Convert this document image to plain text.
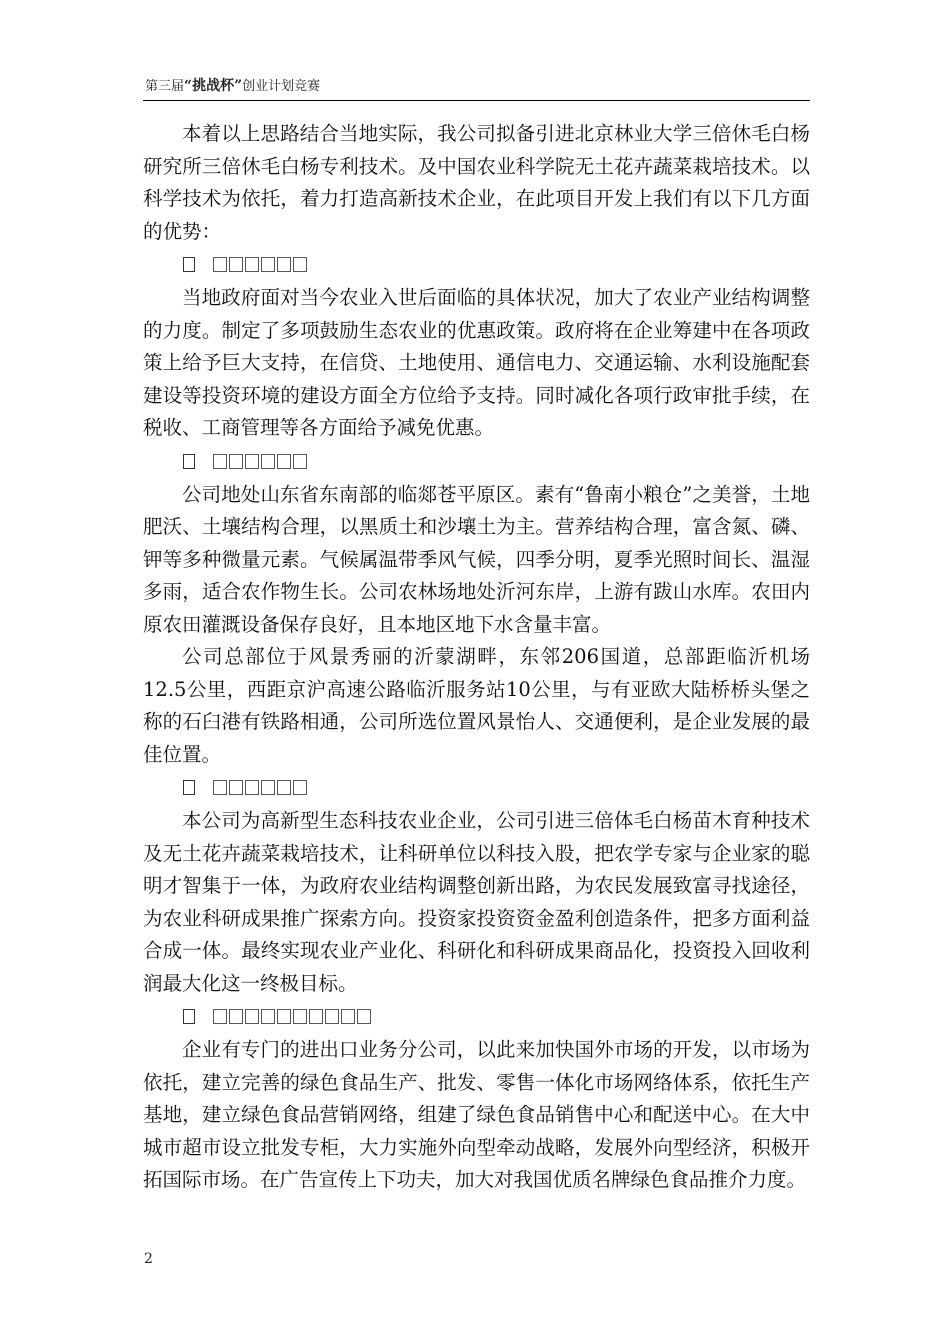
第三届“挑战杯”创业计划竞赛

本着以上思路结合当地实际，我公司拟备引进北京林业大学三倍休毛白杨研究所三倍休毛白杨专利技术。及中国农业科学院无土花卉蔬菜栽培技术。以科学技术为依托，着力打造高新技术企业，在此项目开发上我们有以下几方面的优势：

当地政府面对当今农业入世后面临的具体状况，加大了农业产业结构调整的力度。制定了多项鼓励生态农业的优惠政策。政府将在企业筹建中在各项政策上给予巨大支持，在信贷、土地使用、通信电力、交通运输、水利设施配套建设等投资环境的建设方面全方位给予支持。同时减化各项行政审批手续，在税收、工商管理等各方面给予减免优惠。

公司地处山东省东南部的临郯苍平原区。素有“鲁南小粮仓”之美誉，土地肥沃、土壤结构合理，以黑质土和沙壤土为主。营养结构合理，富含氮、磷、钾等多种微量元素。气候属温带季风气候，四季分明，夏季光照时间长、温湿多雨，适合农作物生长。公司农林场地处沂河东岸，上游有跋山水库。农田内原农田灌溉设备保存良好，且本地区地下水含量丰富。

公司总部位于风景秀丽的沂蒙湖畔，东邻206国道，总部距临沂机场 12.5公里，西距京沪高速公路临沂服务站10公里，与有亚欧大陆桥桥头堡之称的石臼港有铁路相通，公司所选位置风景怡人、交通便利，是企业发展的最佳位置。

本公司为高新型生态科技农业企业，公司引进三倍体毛白杨苗木育种技术及无土花卉蔬菜栽培技术，让科研单位以科技入股，把农学专家与企业家的聪明才智集于一体，为政府农业结构调整创新出路，为农民发展致富寻找途径，为农业科研成果推广探索方向。投资家投资资金盈利创造条件，把多方面利益合成一体。最终实现农业产业化、科研化和科研成果商品化，投资投入回收利润最大化这一终极目标。

企业有专门的进出口业务分公司，以此来加快国外市场的开发，以市场为依托，建立完善的绿色食品生产、批发、零售一体化市场网络体系，依托生产基地，建立绿色食品营销网络，组建了绿色食品销售中心和配送中心。在大中城市超市设立批发专柜，大力实施外向型牵动战略，发展外向型经济，积极开拓国际市场。在广告宣传上下功夫，加大对我国优质名牌绿色食品推介力度。

2
